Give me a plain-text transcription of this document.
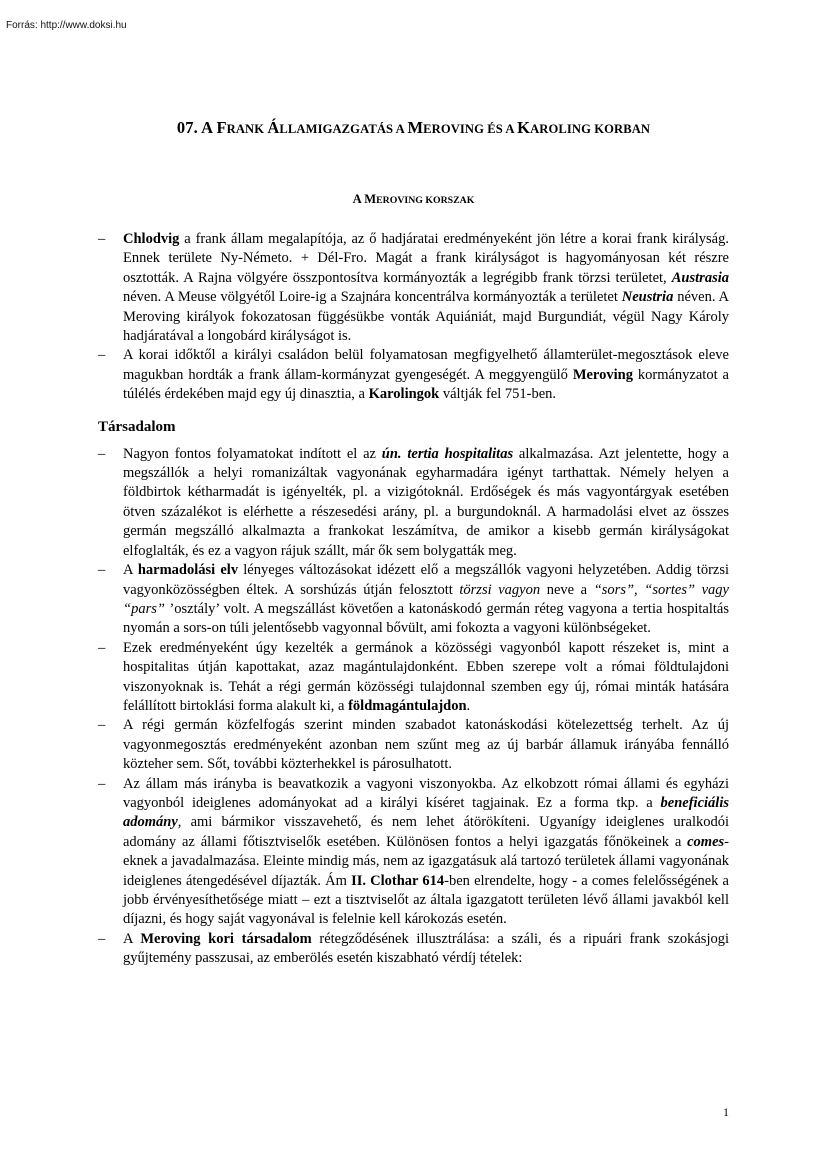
Forrás: http://www.doksi.hu
07. A FRANK ÁLLAMIGAZGATÁS A MEROVING ÉS A KAROLING KORBAN
A MEROVING KORSZAK
– Chlodvig a frank állam megalapítója, az ő hadjáratai eredményeként jön létre a korai frank királyság. Ennek területe Ny-Németo. + Dél-Fro. Magát a frank királyságot is hagyományosan két részre osztották. A Rajna völgyére összpontosítva kormányozták a legrégibb frank törzsi területet, Austrasia néven. A Meuse völgyétől Loire-ig a Szajnára koncentrálva kormányozták a területet Neustria néven. A Meroving királyok fokozatosan függésükbe vonták Aquiániát, majd Burgundiát, végül Nagy Károly hadjáratával a longobárd királyságot is.
– A korai időktől a királyi családon belül folyamatosan megfigyelhető államterület-megosztások eleve magukban hordták a frank állam-kormányzat gyengeségét. A meggyengülő Meroving kormányzatot a túlélés érdekében majd egy új dinasztia, a Karolingok váltják fel 751-ben.
Társadalom
– Nagyon fontos folyamatokat indított el az ún. tertia hospitalitas alkalmazása. Azt jelentette, hogy a megszállók a helyi romanizáltak vagyonának egyharmadára igényt tarthattak. Némely helyen a földbirtok kétharmadát is igényelték, pl. a vizigótoknál. Erdőségek és más vagyontárgyak esetében ötven százalékot is elérhette a részesedési arány, pl. a burgundoknál. A harmadolási elvet az összes germán megszálló alkalmazta a frankokat leszámítva, de amikor a kisebb germán királyságokat elfoglalták, és ez a vagyon rájuk szállt, már ők sem bolygatták meg.
– A harmadolási elv lényeges változásokat idézett elő a megszállók vagyoni helyzetében. Addig törzsi vagyonközösségben éltek. A sorshúzás útján felosztott törzsi vagyon neve a “sors”, “sortes” vagy “pars” ’osztály’ volt. A megszállást követően a katonáskodó germán réteg vagyona a tertia hospitaltás nyomán a sors-on túli jelentősebb vagyonnal bővült, ami fokozta a vagyoni különbségeket.
– Ezek eredményeként úgy kezelték a germánok a közösségi vagyonból kapott részeket is, mint a hospitalitas útján kapottakat, azaz magántulajdonként. Ebben szerepe volt a római földtulajdoni viszonyoknak is. Tehát a régi germán közösségi tulajdonnal szemben egy új, római minták hatására felállított birtoklási forma alakult ki, a földmagántulajdon.
– A régi germán közfelfogás szerint minden szabadot katonáskodási kötelezettség terhelt. Az új vagyonmegosztás eredményeként azonban nem szűnt meg az új barbár államuk irányába fennálló közteher sem. Sőt, további közterhekkel is párosulhatott.
– Az állam más irányba is beavatkozik a vagyoni viszonyokba. Az elkobzott római állami és egyházi vagyonból ideiglenes adományokat ad a királyi kíséret tagjainak. Ez a forma tkp. a beneficiális adomány, ami bármikor visszavehető, és nem lehet átörökíteni. Ugyanígy ideiglenes uralkodói adomány az állami főtisztviselők esetében. Különösen fontos a helyi igazgatás főnökeinek a comes-eknek a javadalmazása. Eleinte mindig más, nem az igazgatásuk alá tartozó területek állami vagyonának ideiglenes átengedésével díjazták. Ám II. Clothar 614-ben elrendelte, hogy - a comes felelősségének a jobb érvényesíthetősége miatt – ezt a tisztviselőt az általa igazgatott területen lévő állami javakból kell díjazni, és hogy saját vagyonával is felelnie kell károkozás esetén.
– A Meroving kori társadalom rétegződésének illusztrálása: a száli, és a ripuári frank szokásjogi gyűjtemény passzusai, az emberölés esetén kiszabható vérdíj tételek:
1
